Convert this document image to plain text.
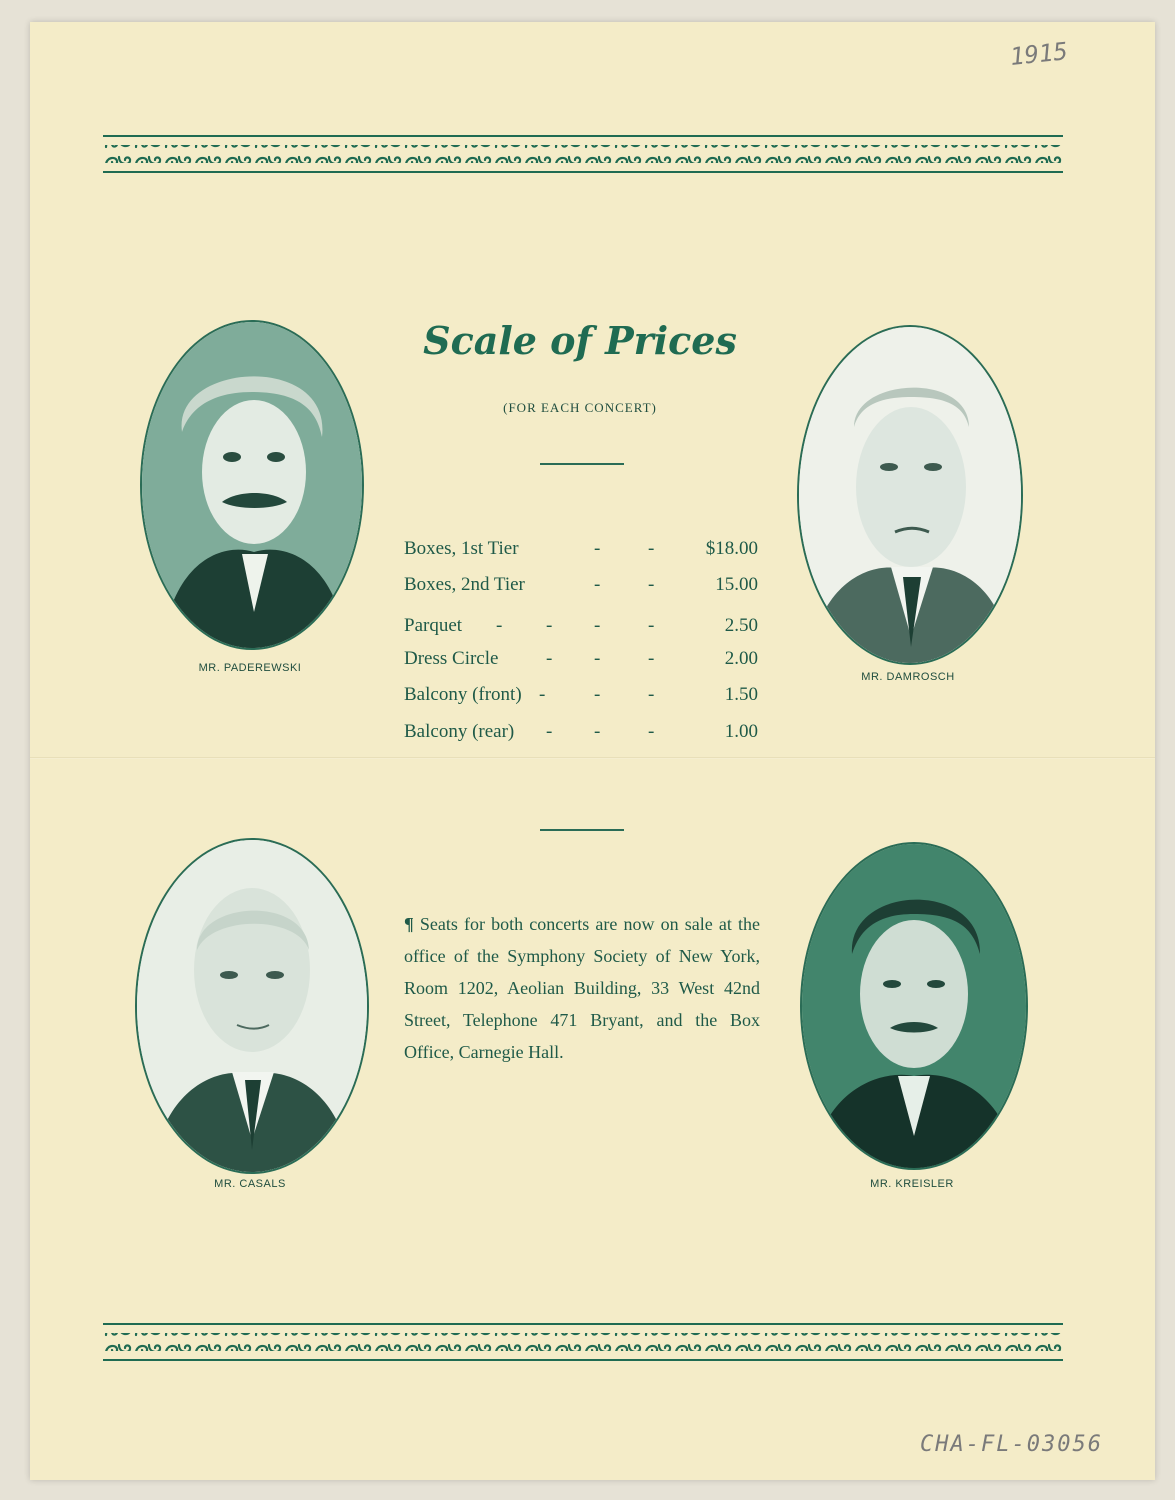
1915
CHA-FL-03056
Scale of Prices
(FOR EACH CONCERT)
Boxes, 1st Tier	-	-	$18.00
Boxes, 2nd Tier	-	-	15.00
Parquet - - -	-	2.50
Dress Circle	- -	-	2.00
Balcony (front) -	-	-	1.50
Balcony (rear) - -	-	1.00
¶ Seats for both concerts are now on sale at the office of the Symphony Society of New York, Room 1202, Aeolian Building, 33 West 42nd Street, Telephone 471 Bryant, and the Box Office, Carnegie Hall.
MR. PADEREWSKI
MR. DAMROSCH
MR. CASALS	MR. KREISLER
